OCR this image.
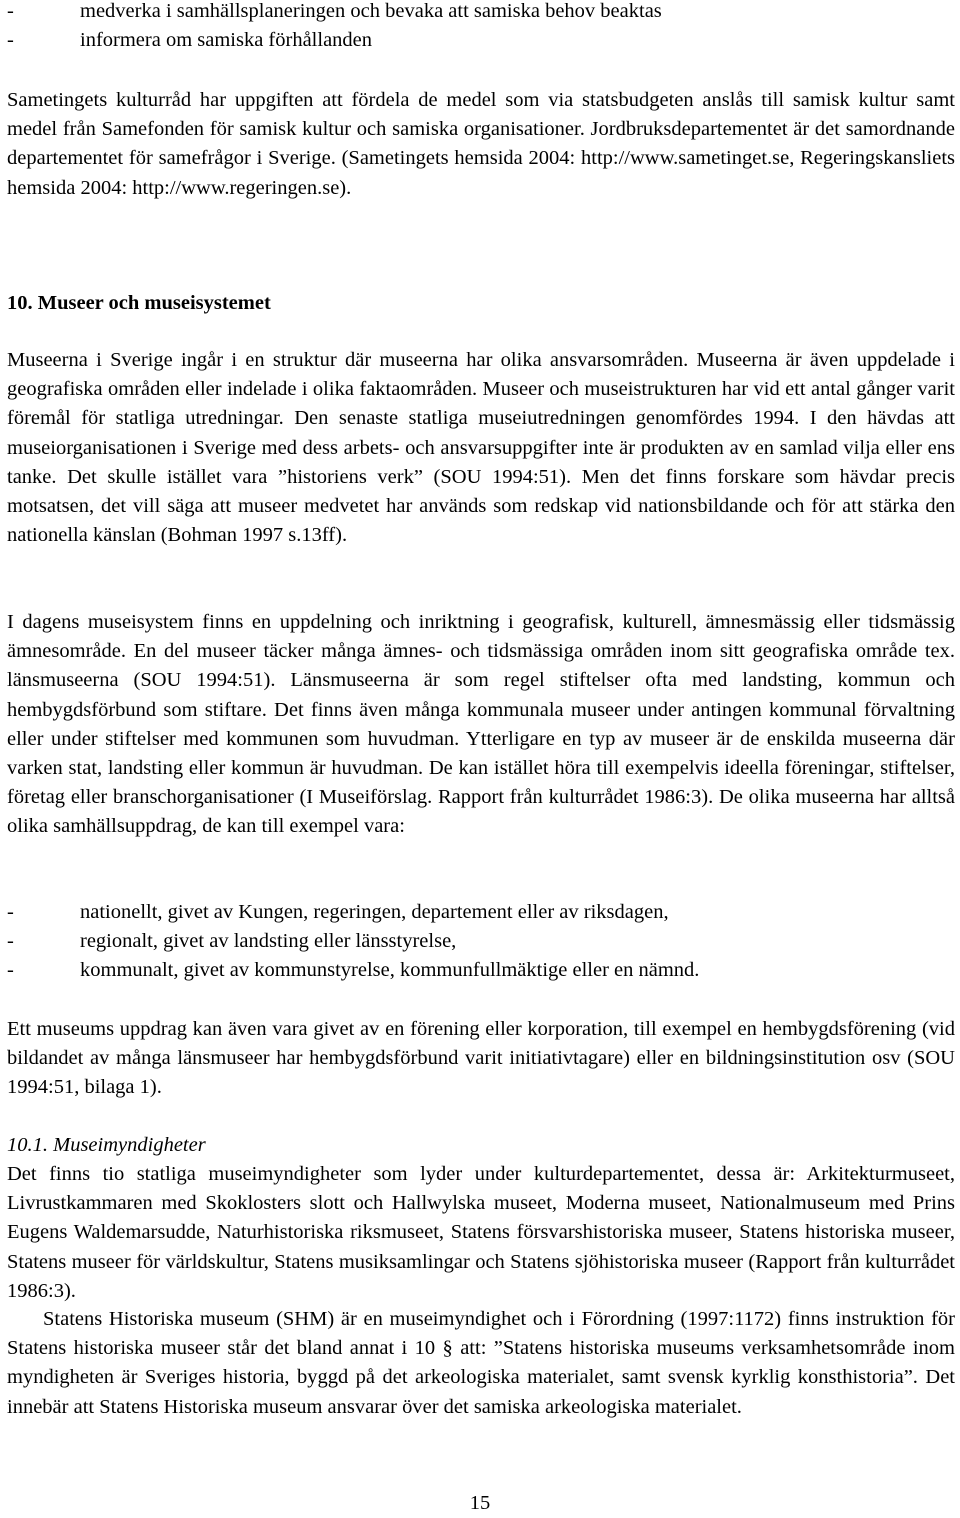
-	medverka i samhällsplaneringen och bevaka att samiska behov beaktas
-	informera om samiska förhållanden

Sametingets kulturråd har uppgiften att fördela de medel som via statsbudgeten anslås till samisk kultur samt medel från Samefonden för samisk kultur och samiska organisationer. Jordbruksdepartementet är det samordnande departementet för samefrågor i Sverige. (Sametingets hemsida 2004: http://www.sametinget.se, Regeringskansliets hemsida 2004: http://www.regeringen.se).

10. Museer och museisystemet

Museerna i Sverige ingår i en struktur där museerna har olika ansvarsområden. Museerna är även uppdelade i geografiska områden eller indelade i olika faktaområden. Museer och museistrukturen har vid ett antal gånger varit föremål för statliga utredningar. Den senaste statliga museiutredningen genomfördes 1994. I den hävdas att museiorganisationen i Sverige med dess arbets- och ansvarsuppgifter inte är produkten av en samlad vilja eller ens tanke. Det skulle istället vara ”historiens verk” (SOU 1994:51). Men det finns forskare som hävdar precis motsatsen, det vill säga att museer medvetet har används som redskap vid nationsbildande och för att stärka den nationella känslan (Bohman 1997 s.13ff).

I dagens museisystem finns en uppdelning och inriktning i geografisk, kulturell, ämnesmässig eller tidsmässig ämnesområde. En del museer täcker många ämnes- och tidsmässiga områden inom sitt geografiska område tex. länsmuseerna (SOU 1994:51). Länsmuseerna är som regel stiftelser ofta med landsting, kommun och hembygdsförbund som stiftare. Det finns även många kommunala museer under antingen kommunal förvaltning eller under stiftelser med kommunen som huvudman. Ytterligare en typ av museer är de enskilda museerna där varken stat, landsting eller kommun är huvudman. De kan istället höra till exempelvis ideella föreningar, stiftelser, företag eller branschorganisationer (I Museiförslag. Rapport från kulturrådet 1986:3). De olika museerna har alltså olika samhällsuppdrag, de kan till exempel vara:

-	nationellt, givet av Kungen, regeringen, departement eller av riksdagen,
-	regionalt, givet av landsting eller länsstyrelse,
-	kommunalt, givet av kommunstyrelse, kommunfullmäktige eller en nämnd.

Ett museums uppdrag kan även vara givet av en förening eller korporation, till exempel en hembygdsförening (vid bildandet av många länsmuseer har hembygdsförbund varit initiativtagare) eller en bildningsinstitution osv (SOU 1994:51, bilaga 1).

10.1. Museimyndigheter

Det finns tio statliga museimyndigheter som lyder under kulturdepartementet, dessa är: Arkitekturmuseet, Livrustkammaren med Skoklosters slott och Hallwylska museet, Moderna museet, Nationalmuseum med Prins Eugens Waldemarsudde, Naturhistoriska riksmuseet, Statens försvarshistoriska museer, Statens historiska museer, Statens museer för världskultur, Statens musiksamlingar och Statens sjöhistoriska museer (Rapport från kulturrådet 1986:3).

Statens Historiska museum (SHM) är en museimyndighet och i Förordning (1997:1172) finns instruktion för Statens historiska museer står det bland annat i 10 § att: ”Statens historiska museums verksamhetsområde inom myndigheten är Sveriges historia, byggd på det arkeologiska materialet, samt svensk kyrklig konsthistoria”. Det innebär att Statens Historiska museum ansvarar över det samiska arkeologiska materialet.

15
